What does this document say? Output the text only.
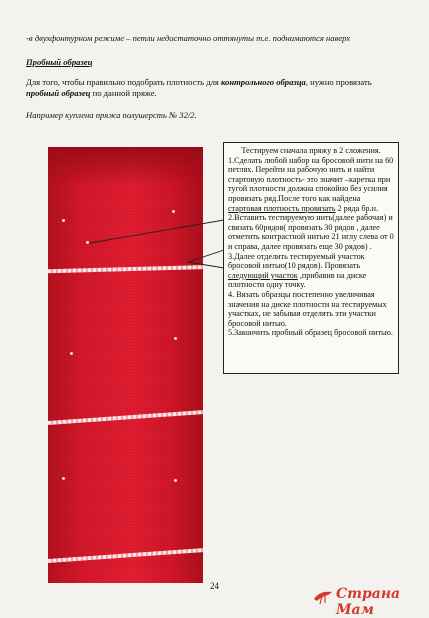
-в двухфонтурном режиме – петли недостаточно оттянуты т.е. поднимаются наверх
Пробный образец
Для того, чтобы правильно подобрать плотность для контрольного образца, нужно провязать пробный образец по данной пряже.
Например куплена пряжа полушерсть № 32/2.

Тестируем сначала пряжу в 2 сложения.

1.Сделать любой набор на бросовой нити на 60 петлях. Перейти на рабочую нить и найти стартовую плотность- это значит –каретка при тугой плотности должна спокойно без усилия провязать ряд.После того как найдена стартовая плотность провязать 2 ряда бр.н.

2.Вставить тестируемую нить(далее рабочая) и связать 60рядов( провязать 30 рядов , далее отметить контрастной нитью 21 иглу слева от 0 и справа, далее провязать еще 30 рядов) .

3.Далее отделить тестируемый участок бросовой нитью(10 рядов). Провязать следующий участок ,прибавив на диске плотности одну точку.

4. Вязать образцы постепенно увеличивая значения на диске плотности на тестируемых участках, не забывая отделять эти участки бросовой нитью.

5.Закончить пробный образец бросовой нитью.

24	Страна Мам
